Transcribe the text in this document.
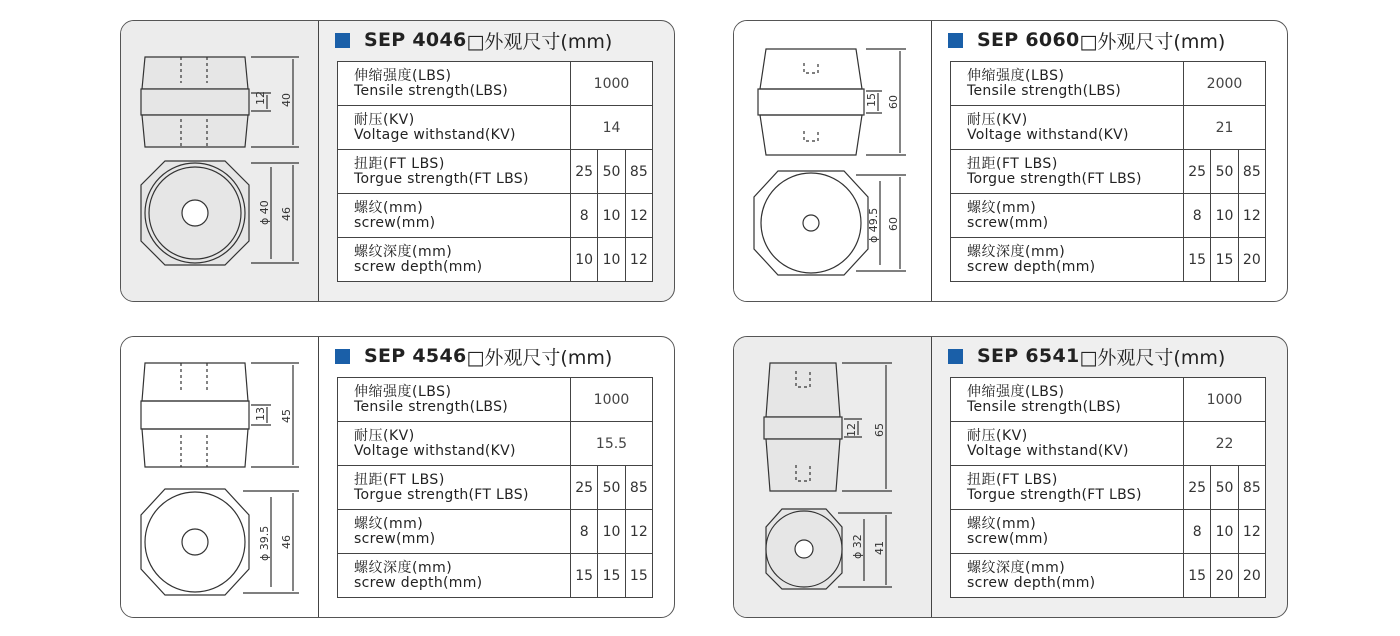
12 40
ϕ 40 46
SEP 4046 □外观尺寸(mm)
伸缩强度(LBS)
Tensile strength(LBS)	1000		

耐压(KV)
Voltage withstand(KV)	14		

扭距(FT LBS)
Torgue strength(FT LBS)	25	50	85

螺纹(mm)
screw(mm)	8	10	12

螺纹深度(mm)
screw depth(mm)	10	10	12
15 60
ϕ 49.5 60
SEP 6060 □外观尺寸(mm)
伸缩强度(LBS)
Tensile strength(LBS)	2000		

耐压(KV)
Voltage withstand(KV)	21		

扭距(FT LBS)
Torgue strength(FT LBS)	25	50	85

螺纹(mm)
screw(mm)	8	10	12

螺纹深度(mm)
screw depth(mm)	15	15	20
13 45
ϕ 39.5 46
SEP 4546 □外观尺寸(mm)
伸缩强度(LBS)
Tensile strength(LBS)	1000		

耐压(KV)
Voltage withstand(KV)	15.5		

扭距(FT LBS)
Torgue strength(FT LBS)	25	50	85

螺纹(mm)
screw(mm)	8	10	12

螺纹深度(mm)
screw depth(mm)	15	15	15
12 65
ϕ 32 41
SEP 6541 □外观尺寸(mm)
伸缩强度(LBS)
Tensile strength(LBS)	1000		

耐压(KV)
Voltage withstand(KV)	22		

扭距(FT LBS)
Torgue strength(FT LBS)	25	50	85

螺纹(mm)
screw(mm)	8	10	12

螺纹深度(mm)
screw depth(mm)	15	20	20
